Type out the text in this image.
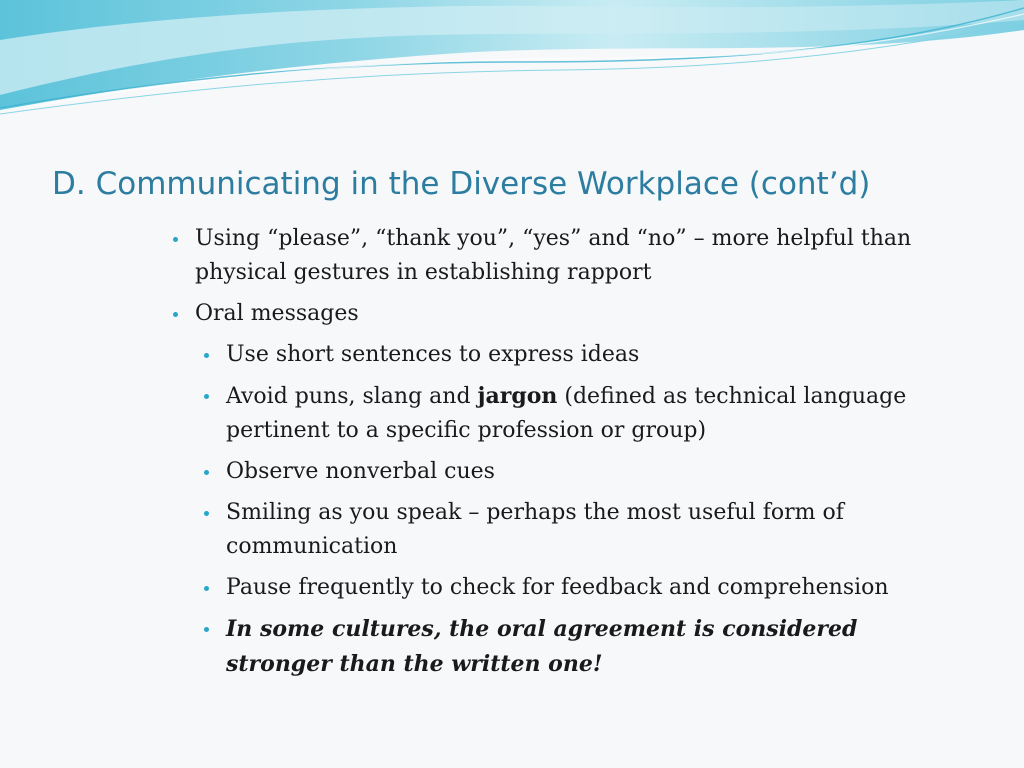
D. Communicating in the Diverse Workplace (cont’d)
Using “please”, “thank you”, “yes” and “no” – more helpful than physical gestures in establishing rapport
Oral messages
Use short sentences to express ideas
Avoid puns, slang and jargon (defined as technical language pertinent to a specific profession or group)
Observe nonverbal cues
Smiling as you speak – perhaps the most useful form of communication
Pause frequently to check for feedback and comprehension
In some cultures, the oral agreement is considered stronger than the written one!
